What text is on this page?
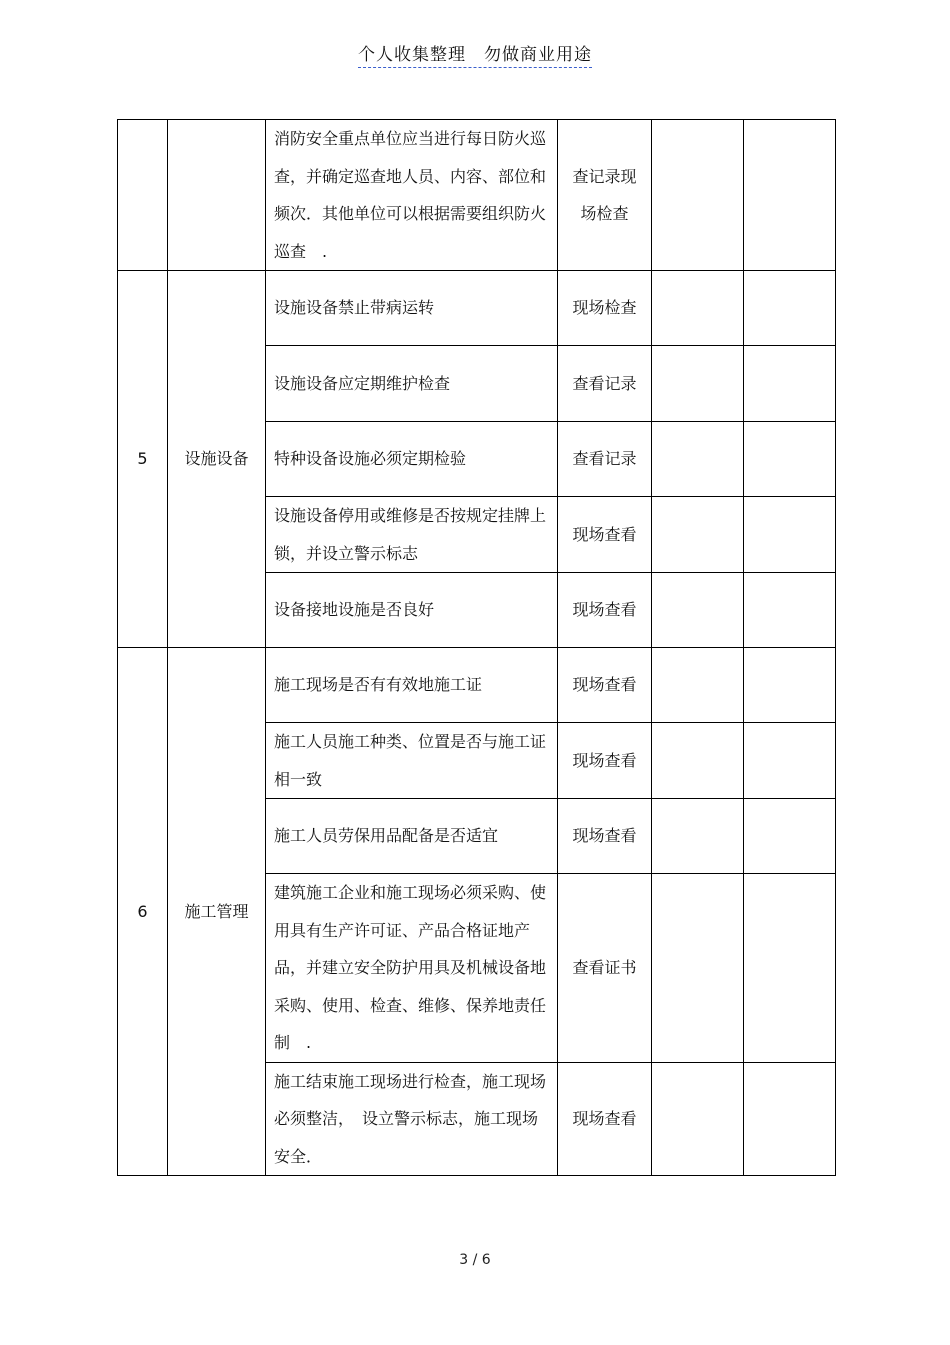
个人收集整理　勿做商业用途
		消防安全重点单位应当进行每日防火巡查，并确定巡查地人员、内容、部位和频次．其他单位可以根据需要组织防火巡查　.	查记录现场检查		
5	设施设备	设施设备禁止带病运转	现场检查		
		设施设备应定期维护检查	查看记录		
		特种设备设施必须定期检验	查看记录		
		设施设备停用或维修是否按规定挂牌上锁，并设立警示标志	现场查看		
		设备接地设施是否良好	现场查看		
6	施工管理	施工现场是否有有效地施工证	现场查看		
		施工人员施工种类、位置是否与施工证相一致	现场查看		
		施工人员劳保用品配备是否适宜	现场查看		
		建筑施工企业和施工现场必须采购、使用具有生产许可证、产品合格证地产品，并建立安全防护用具及机械设备地采购、使用、检查、维修、保养地责任制　.	查看证书		
		施工结束施工现场进行检查，施工现场必须整洁，　设立警示标志，施工现场安全．	现场查看		
3 / 6
